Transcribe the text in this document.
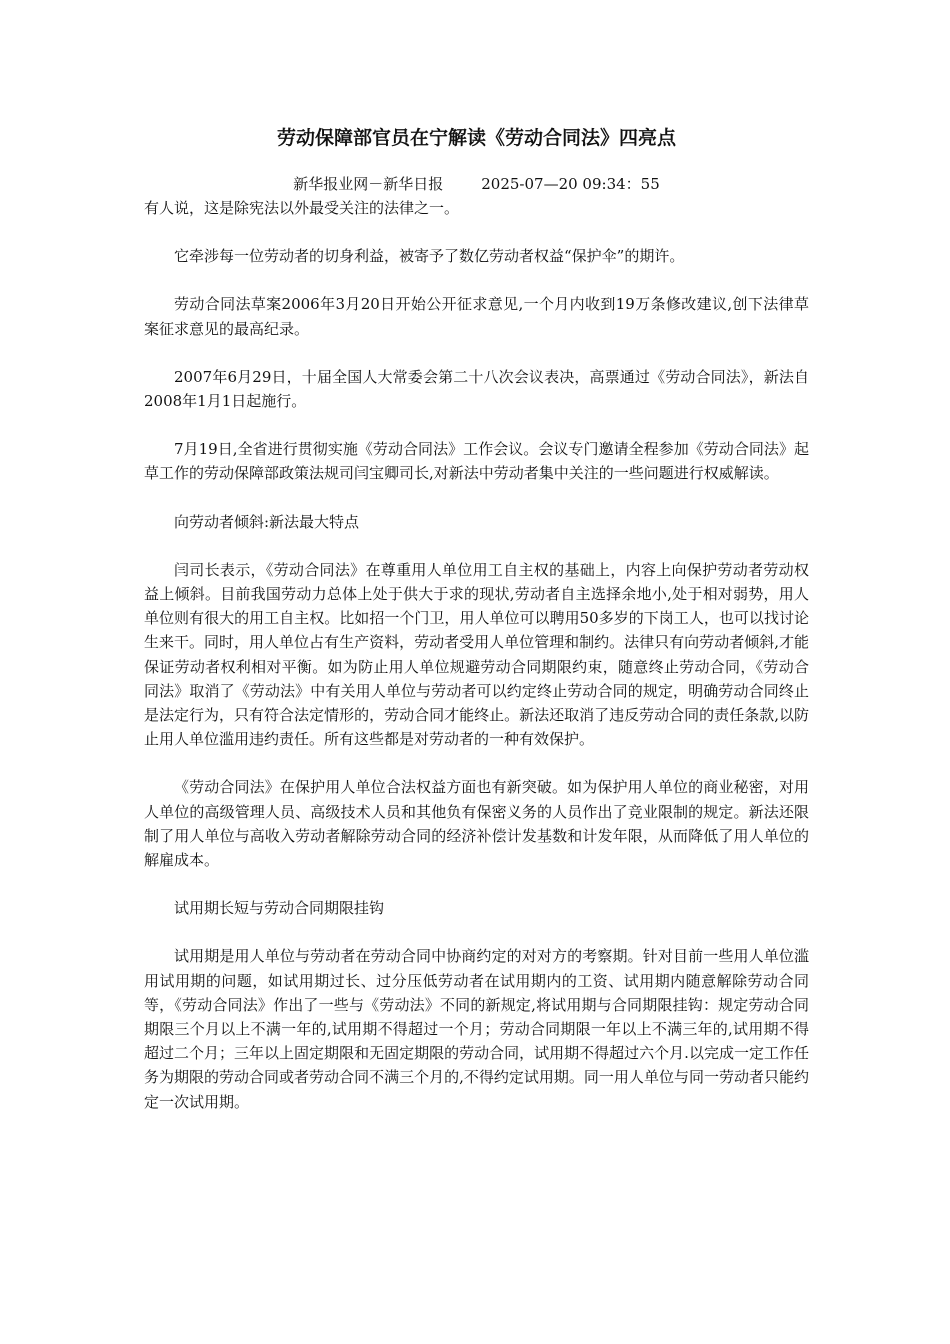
劳动保障部官员在宁解读《劳动合同法》四亮点
新华报业网－新华日报	2025-07—20 09:34：55

有人说，这是除宪法以外最受关注的法律之一。

它牵涉每一位劳动者的切身利益，被寄予了数亿劳动者权益“保护伞”的期许。

劳动合同法草案2006年3月20日开始公开征求意见,一个月内收到19万条修改建议,创下法律草案征求意见的最高纪录。

2007年6月29日，十届全国人大常委会第二十八次会议表决，高票通过《劳动合同法》，新法自2008年1月1日起施行。

7月19日,全省进行贯彻实施《劳动合同法》工作会议。会议专门邀请全程参加《劳动合同法》起草工作的劳动保障部政策法规司闫宝卿司长,对新法中劳动者集中关注的一些问题进行权威解读。

向劳动者倾斜:新法最大特点

闫司长表示，《劳动合同法》在尊重用人单位用工自主权的基础上，内容上向保护劳动者劳动权益上倾斜。目前我国劳动力总体上处于供大于求的现状,劳动者自主选择余地小,处于相对弱势，用人单位则有很大的用工自主权。比如招一个门卫，用人单位可以聘用50多岁的下岗工人，也可以找讨论生来干。同时，用人单位占有生产资料，劳动者受用人单位管理和制约。法律只有向劳动者倾斜,才能保证劳动者权利相对平衡。如为防止用人单位规避劳动合同期限约束，随意终止劳动合同，《劳动合同法》取消了《劳动法》中有关用人单位与劳动者可以约定终止劳动合同的规定，明确劳动合同终止是法定行为，只有符合法定情形的，劳动合同才能终止。新法还取消了违反劳动合同的责任条款,以防止用人单位滥用违约责任。所有这些都是对劳动者的一种有效保护。

《劳动合同法》在保护用人单位合法权益方面也有新突破。如为保护用人单位的商业秘密，对用人单位的高级管理人员、高级技术人员和其他负有保密义务的人员作出了竞业限制的规定。新法还限制了用人单位与高收入劳动者解除劳动合同的经济补偿计发基数和计发年限，从而降低了用人单位的解雇成本。

试用期长短与劳动合同期限挂钩

试用期是用人单位与劳动者在劳动合同中协商约定的对对方的考察期。针对目前一些用人单位滥用试用期的问题，如试用期过长、过分压低劳动者在试用期内的工资、试用期内随意解除劳动合同等，《劳动合同法》作出了一些与《劳动法》不同的新规定,将试用期与合同期限挂钩：规定劳动合同期限三个月以上不满一年的,试用期不得超过一个月；劳动合同期限一年以上不满三年的,试用期不得超过二个月；三年以上固定期限和无固定期限的劳动合同，试用期不得超过六个月.以完成一定工作任务为期限的劳动合同或者劳动合同不满三个月的,不得约定试用期。同一用人单位与同一劳动者只能约定一次试用期。
